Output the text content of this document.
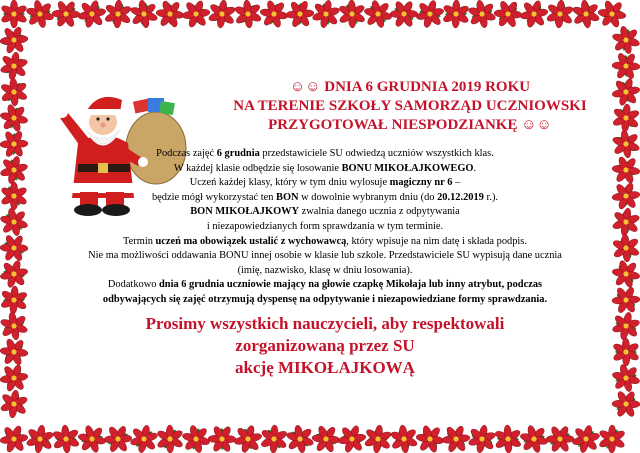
☺☺ DNIA 6 GRUDNIA 2019 ROKU
NA TERENIE SZKOŁY SAMORZĄD UCZNIOWSKI
PRZYGOTOWAŁ NIESPODZIANKĘ ☺☺

Podczas zajęć 6 grudnia przedstawiciele SU odwiedzą uczniów wszystkich klas.

W każdej klasie odbędzie się losowanie BONU MIKOŁAJKOWEGO.

Uczeń każdej klasy, który w tym dniu wylosuje magiczny nr 6 –

będzie mógł wykorzystać ten BON w dowolnie wybranym dniu (do 20.12.2019 r.).

BON MIKOŁAJKOWY zwalnia danego ucznia z odpytywania

i niezapowiedzianych form sprawdzania w tym terminie.

Termin uczeń ma obowiązek ustalić z wychowawcą, który wpisuje na nim datę i składa podpis.

Nie ma możliwości oddawania BONU innej osobie w klasie lub szkole. Przedstawiciele SU wypisują dane ucznia

(imię, nazwisko, klasę w dniu losowania).

Dodatkowo dnia 6 grudnia uczniowie mający na głowie czapkę Mikołaja lub inny atrybut, podczas

odbywających się zajęć otrzymują dyspensę na odpytywanie i niezapowiedziane formy sprawdzania.

Prosimy wszystkich nauczycieli, aby respektowali
zorganizowaną przez SU
akcję MIKOŁAJKOWĄ
